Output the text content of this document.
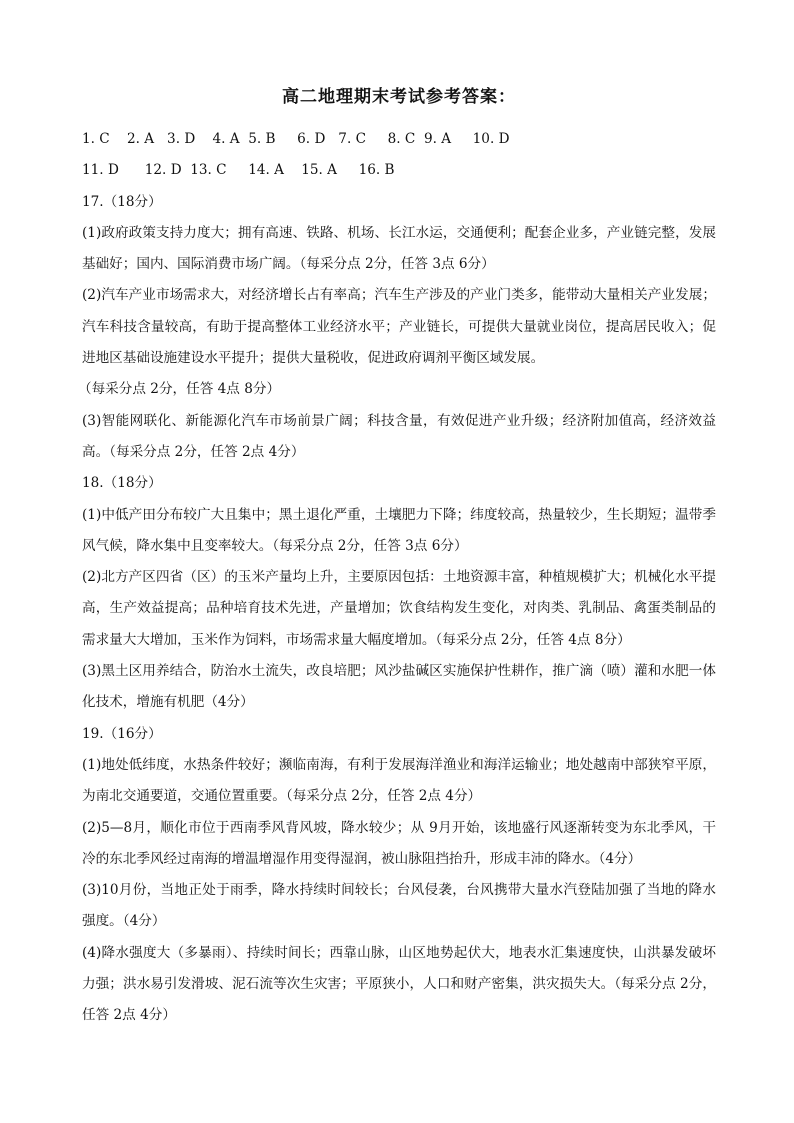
高二地理期末考试参考答案：

1. C    2. A   3. D    4. A  5. B     6. D   7. C     8. C  9. A     10. D

11. D      12. D  13. C     14. A    15. A     16. B

17.（18分）

(1)政府政策支持力度大；拥有高速、铁路、机场、长江水运，交通便利；配套企业多，产业链完整，发展基础好；国内、国际消费市场广阔。（每采分点 2分，任答 3点 6分）

(2)汽车产业市场需求大，对经济增长占有率高；汽车生产涉及的产业门类多，能带动大量相关产业发展；汽车科技含量较高，有助于提高整体工业经济水平；产业链长，可提供大量就业岗位，提高居民收入；促进地区基础设施建设水平提升；提供大量税收，促进政府调剂平衡区域发展。

（每采分点 2分，任答 4点 8分）

(3)智能网联化、新能源化汽车市场前景广阔；科技含量，有效促进产业升级；经济附加值高，经济效益高。（每采分点 2分，任答 2点 4分）

18.（18分）

(1)中低产田分布较广大且集中；黑土退化严重，土壤肥力下降；纬度较高，热量较少，生长期短；温带季风气候，降水集中且变率较大。（每采分点 2分，任答 3点 6分）

(2)北方产区四省（区）的玉米产量均上升，主要原因包括：土地资源丰富，种植规模扩大；机械化水平提高，生产效益提高；品种培育技术先进，产量增加；饮食结构发生变化，对肉类、乳制品、禽蛋类制品的需求量大大增加，玉米作为饲料，市场需求量大幅度增加。（每采分点 2分，任答 4点 8分）

(3)黑土区用养结合，防治水土流失，改良培肥；风沙盐碱区实施保护性耕作，推广滴（喷）灌和水肥一体化技术，增施有机肥（4分）

19.（16分）

(1)地处低纬度，水热条件较好；濒临南海，有利于发展海洋渔业和海洋运输业；地处越南中部狭窄平原，为南北交通要道，交通位置重要。（每采分点 2分，任答 2点 4分）

(2)5—8月，顺化市位于西南季风背风坡，降水较少；从 9月开始，该地盛行风逐渐转变为东北季风，干冷的东北季风经过南海的增温增湿作用变得湿润，被山脉阻挡抬升，形成丰沛的降水。（4分）

(3)10月份，当地正处于雨季，降水持续时间较长；台风侵袭，台风携带大量水汽登陆加强了当地的降水强度。（4分）

(4)降水强度大（多暴雨）、持续时间长；西靠山脉，山区地势起伏大，地表水汇集速度快，山洪暴发破坏力强；洪水易引发滑坡、泥石流等次生灾害；平原狭小，人口和财产密集，洪灾损失大。（每采分点 2分，任答 2点 4分）
